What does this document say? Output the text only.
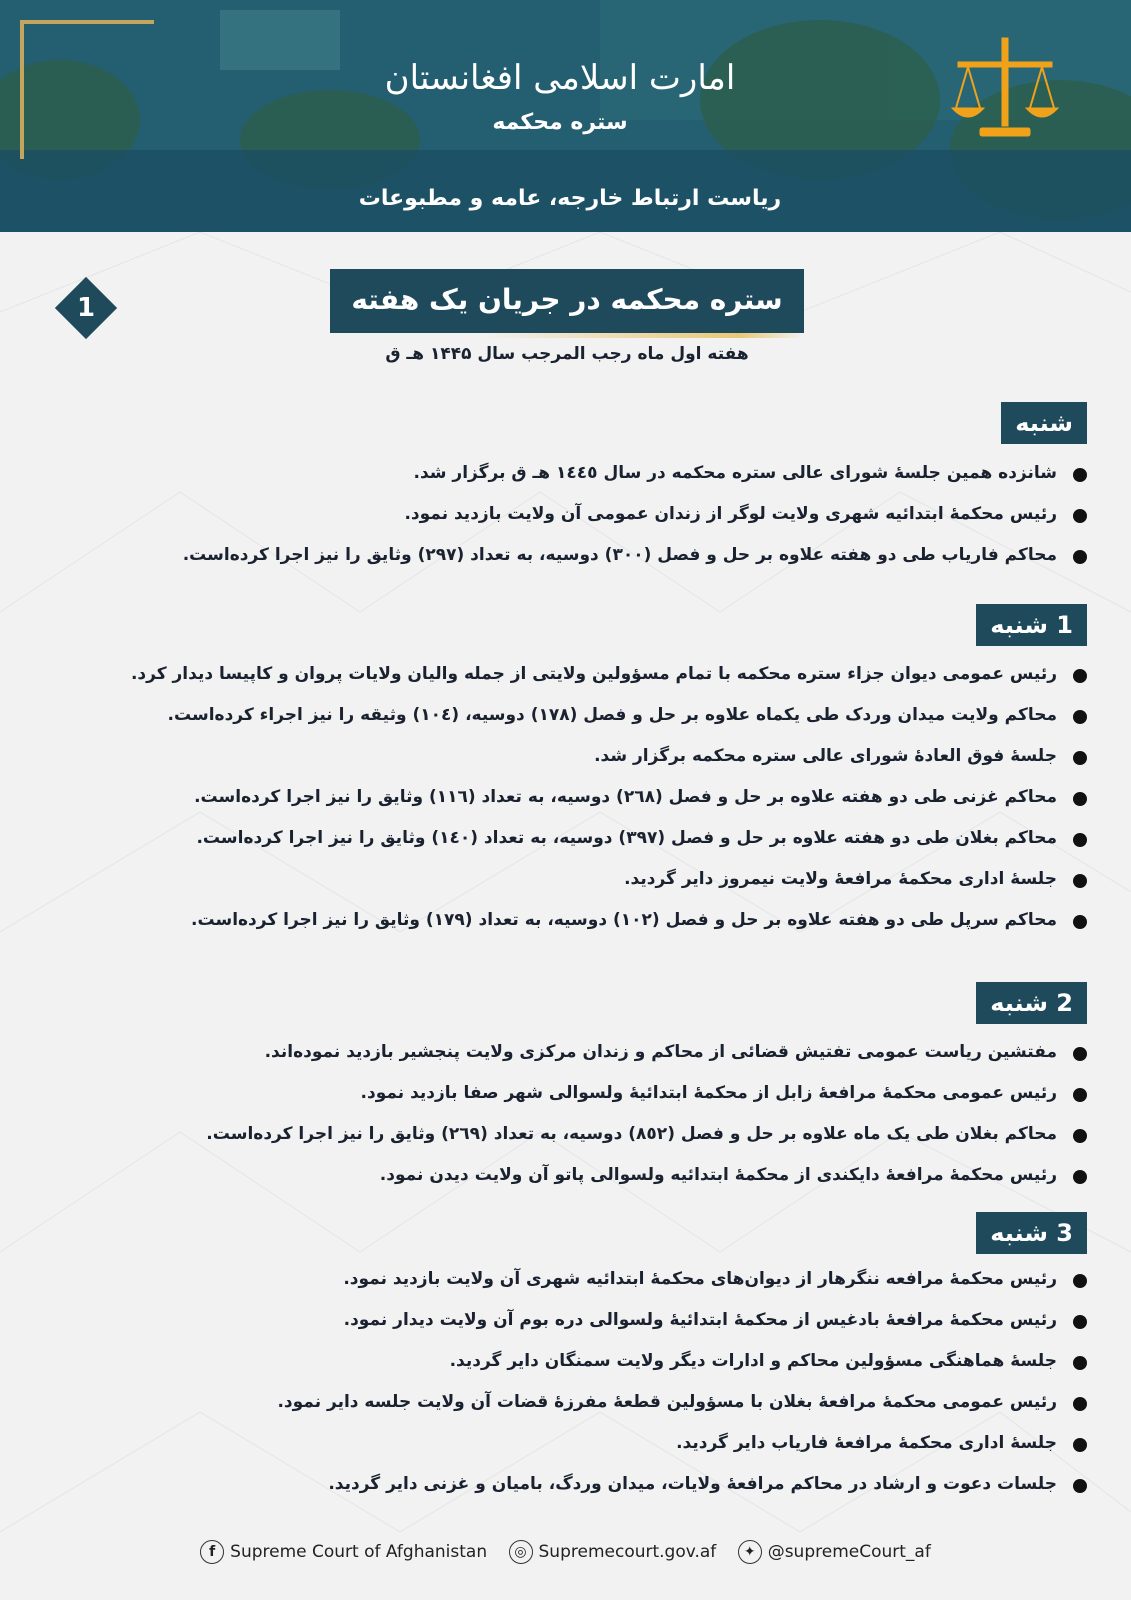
امارت اسلامی افغانستان
ستره محکمه
ریاست ارتباط خارجه، عامه و مطبوعات
1	ستره محکمه در جریان یک هفته
هفته اول ماه رجب المرجب سال ۱۴۴۵ هـ ق
شنبه
شانزده همین جلسۀ شورای عالی ستره محکمه در سال ١٤٤٥ هـ ق برگزار شد.
رئیس محکمۀ ابتدائیه شهری ولایت لوگر از زندان عمومی آن ولایت بازدید نمود.
محاکم فاریاب طی دو هفته علاوه بر حل و فصل (٣٠٠) دوسیه، به تعداد (٢٩٧) وثایق را نیز اجرا کرده‌است.
1 شنبه
رئیس عمومی دیوان جزاء ستره محکمه با تمام مسؤولین ولایتی از جمله والیان ولایات پروان و کاپیسا دیدار کرد.
محاکم ولایت میدان وردک طی یکماه علاوه بر حل و فصل (١٧٨) دوسیه، (١٠٤) وثیقه را نیز اجراء کرده‌است.
جلسۀ فوق العادۀ شورای عالی ستره محکمه برگزار شد.
محاکم غزنی طی دو هفته علاوه بر حل و فصل (٢٦٨) دوسیه، به تعداد (١١٦) وثایق را نیز اجرا کرده‌است.
محاکم بغلان طی دو هفته علاوه بر حل و فصل (٣٩٧) دوسیه، به تعداد (١٤٠) وثایق را نیز اجرا کرده‌است.
جلسۀ اداری محکمۀ مرافعۀ ولایت نیمروز دایر گردید.
محاکم سرپل طی دو هفته علاوه بر حل و فصل (١٠٢) دوسیه، به تعداد (١٧٩) وثایق را نیز اجرا کرده‌است.
2 شنبه
مفتشین ریاست عمومی تفتیش قضائی از محاکم و زندان مرکزی ولایت پنجشیر بازدید نموده‌اند.
رئیس عمومی محکمۀ مرافعۀ زابل از محکمۀ ابتدائیۀ ولسوالی شهر صفا بازدید نمود.
محاکم بغلان طی یک ماه علاوه بر حل و فصل (٨٥٢) دوسیه، به تعداد (٢٦٩) وثایق را نیز اجرا کرده‌است.
رئیس محکمۀ مرافعۀ دایکندی از محکمۀ ابتدائیه ولسوالی پاتو آن ولایت دیدن نمود.
3 شنبه
رئیس محکمۀ مرافعه ننگرهار از دیوان‌های محکمۀ ابتدائیه شهری آن ولایت بازدید نمود.
رئیس محکمۀ مرافعۀ بادغیس از محکمۀ ابتدائیۀ ولسوالی دره بوم آن ولایت دیدار نمود.
جلسۀ هماهنگی مسؤولین محاکم و ادارات دیگر ولایت سمنگان دایر گردید.
رئیس عمومی محکمۀ مرافعۀ بغلان با مسؤولین قطعۀ مفرزۀ قضات آن ولایت جلسه دایر نمود.
جلسۀ اداری محکمۀ مرافعۀ فاریاب دایر گردید.
جلسات دعوت و ارشاد در محاکم مرافعۀ ولایات، میدان وردگ، بامیان و غزنی دایر گردید.
f Supreme Court of Afghanistan ◎ Supremecourt.gov.af ✦ @supremeCourt_af
